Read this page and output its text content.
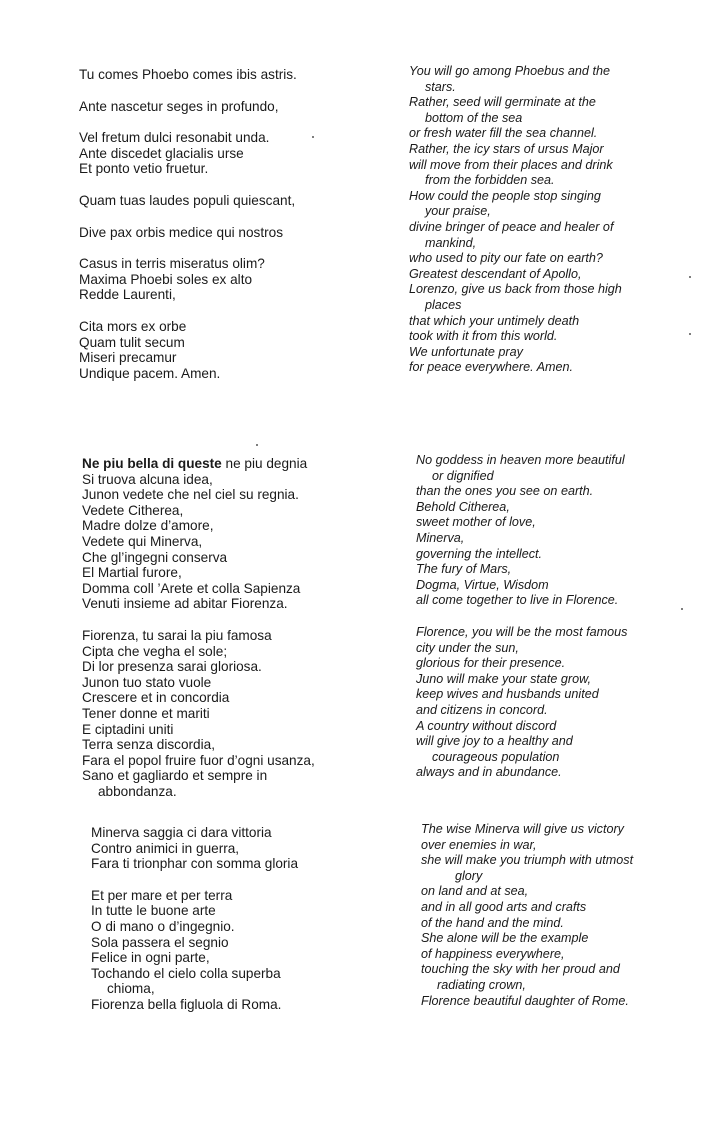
Tu comes Phoebo comes ibis astris.
Ante nascetur seges in profundo,
Vel fretum dulci resonabit unda.
Ante discedet glacialis urse
Et ponto vetio fruetur.
Quam tuas laudes populi quiescant,
Dive pax orbis medice qui nostros
Casus in terris miseratus olim?
Maxima Phoebi soles ex alto
Redde Laurenti,
Cita mors ex orbe
Quam tulit secum
Miseri precamur
Undique pacem. Amen.
You will go among Phoebus and the
stars.
Rather, seed will germinate at the
bottom of the sea
or fresh water fill the sea channel.
Rather, the icy stars of ursus Major
will move from their places and drink
from the forbidden sea.
How could the people stop singing
your praise,
divine bringer of peace and healer of
mankind,
who used to pity our fate on earth?
Greatest descendant of Apollo,
Lorenzo, give us back from those high
places
that which your untimely death
took with it from this world.
We unfortunate pray
for peace everywhere. Amen.
Ne piu bella di queste ne piu degnia
Si truova alcuna idea,
Junon vedete che nel ciel su regnia.
Vedete Citherea,
Madre dolze d’amore,
Vedete qui Minerva,
Che gl’ingegni conserva
El Martial furore,
Domma coll ’Arete et colla Sapienza
Venuti insieme ad abitar Fiorenza.
Fiorenza, tu sarai la piu famosa
Cipta che vegha el sole;
Di lor presenza sarai gloriosa.
Junon tuo stato vuole
Crescere et in concordia
Tener donne et mariti
E ciptadini uniti
Terra senza discordia,
Fara el popol fruire fuor d’ogni usanza,
Sano et gagliardo et sempre in
abbondanza.
No goddess in heaven more beautiful
or dignified
than the ones you see on earth.
Behold Citherea,
sweet mother of love,
Minerva,
governing the intellect.
The fury of Mars,
Dogma, Virtue, Wisdom
all come together to live in Florence.
Florence, you will be the most famous
city under the sun,
glorious for their presence.
Juno will make your state grow,
keep wives and husbands united
and citizens in concord.
A country without discord
will give joy to a healthy and
courageous population
always and in abundance.
Minerva saggia ci dara vittoria
Contro animici in guerra,
Fara ti trionphar con somma gloria
Et per mare et per terra
In tutte le buone arte
O di mano o d’ingegnio.
Sola passera el segnio
Felice in ogni parte,
Tochando el cielo colla superba
chioma,
Fiorenza bella figluola di Roma.
The wise Minerva will give us victory
over enemies in war,
she will make you triumph with utmost
glory
on land and at sea,
and in all good arts and crafts
of the hand and the mind.
She alone will be the example
of happiness everywhere,
touching the sky with her proud and
radiating crown,
Florence beautiful daughter of Rome.
